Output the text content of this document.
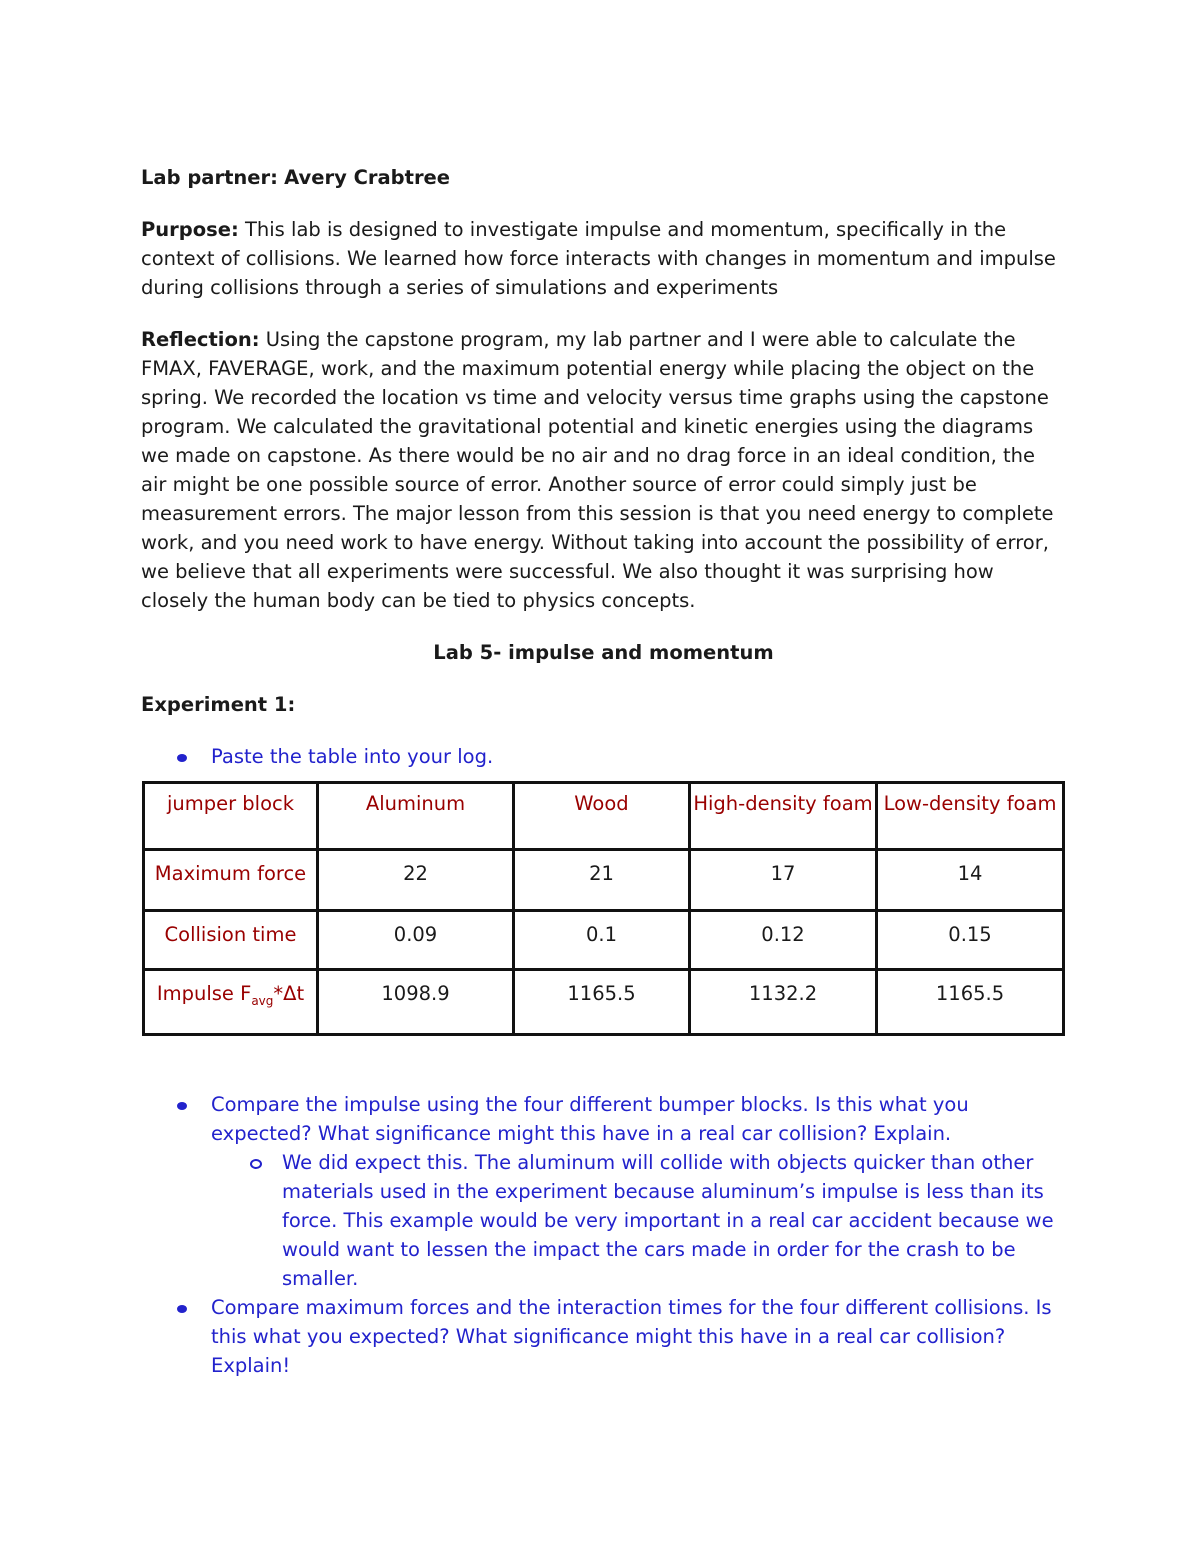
Lab partner: Avery Crabtree

Purpose: This lab is designed to investigate impulse and momentum, specifically in the context of collisions. We learned how force interacts with changes in momentum and impulse during collisions through a series of simulations and experiments

Reflection: Using the capstone program, my lab partner and I were able to calculate the FMAX, FAVERAGE, work, and the maximum potential energy while placing the object on the spring. We recorded the location vs time and velocity versus time graphs using the capstone program. We calculated the gravitational potential and kinetic energies using the diagrams we made on capstone. As there would be no air and no drag force in an ideal condition, the air might be one possible source of error. Another source of error could simply just be measurement errors. The major lesson from this session is that you need energy to complete work, and you need work to have energy. Without taking into account the possibility of error, we believe that all experiments were successful. We also thought it was surprising how closely the human body can be tied to physics concepts.

Lab 5- impulse and momentum

Experiment 1:

Paste the table into your log.
jumper block	Aluminum	Wood	High-density foam	Low-density foam
Maximum force	22	21	17	14
Collision time	0.09	0.1	0.12	0.15
Impulse $F_{avg}*\Delta t$	1098.9	1165.5	1132.2	1165.5
Compare the impulse using the four different bumper blocks. Is this what you expected? What significance might this have in a real car collision? Explain.
We did expect this. The aluminum will collide with objects quicker than other materials used in the experiment because aluminum’s impulse is less than its force. This example would be very important in a real car accident because we would want to lessen the impact the cars made in order for the crash to be smaller.
Compare maximum forces and the interaction times for the four different collisions. Is this what you expected? What significance might this have in a real car collision? Explain!
